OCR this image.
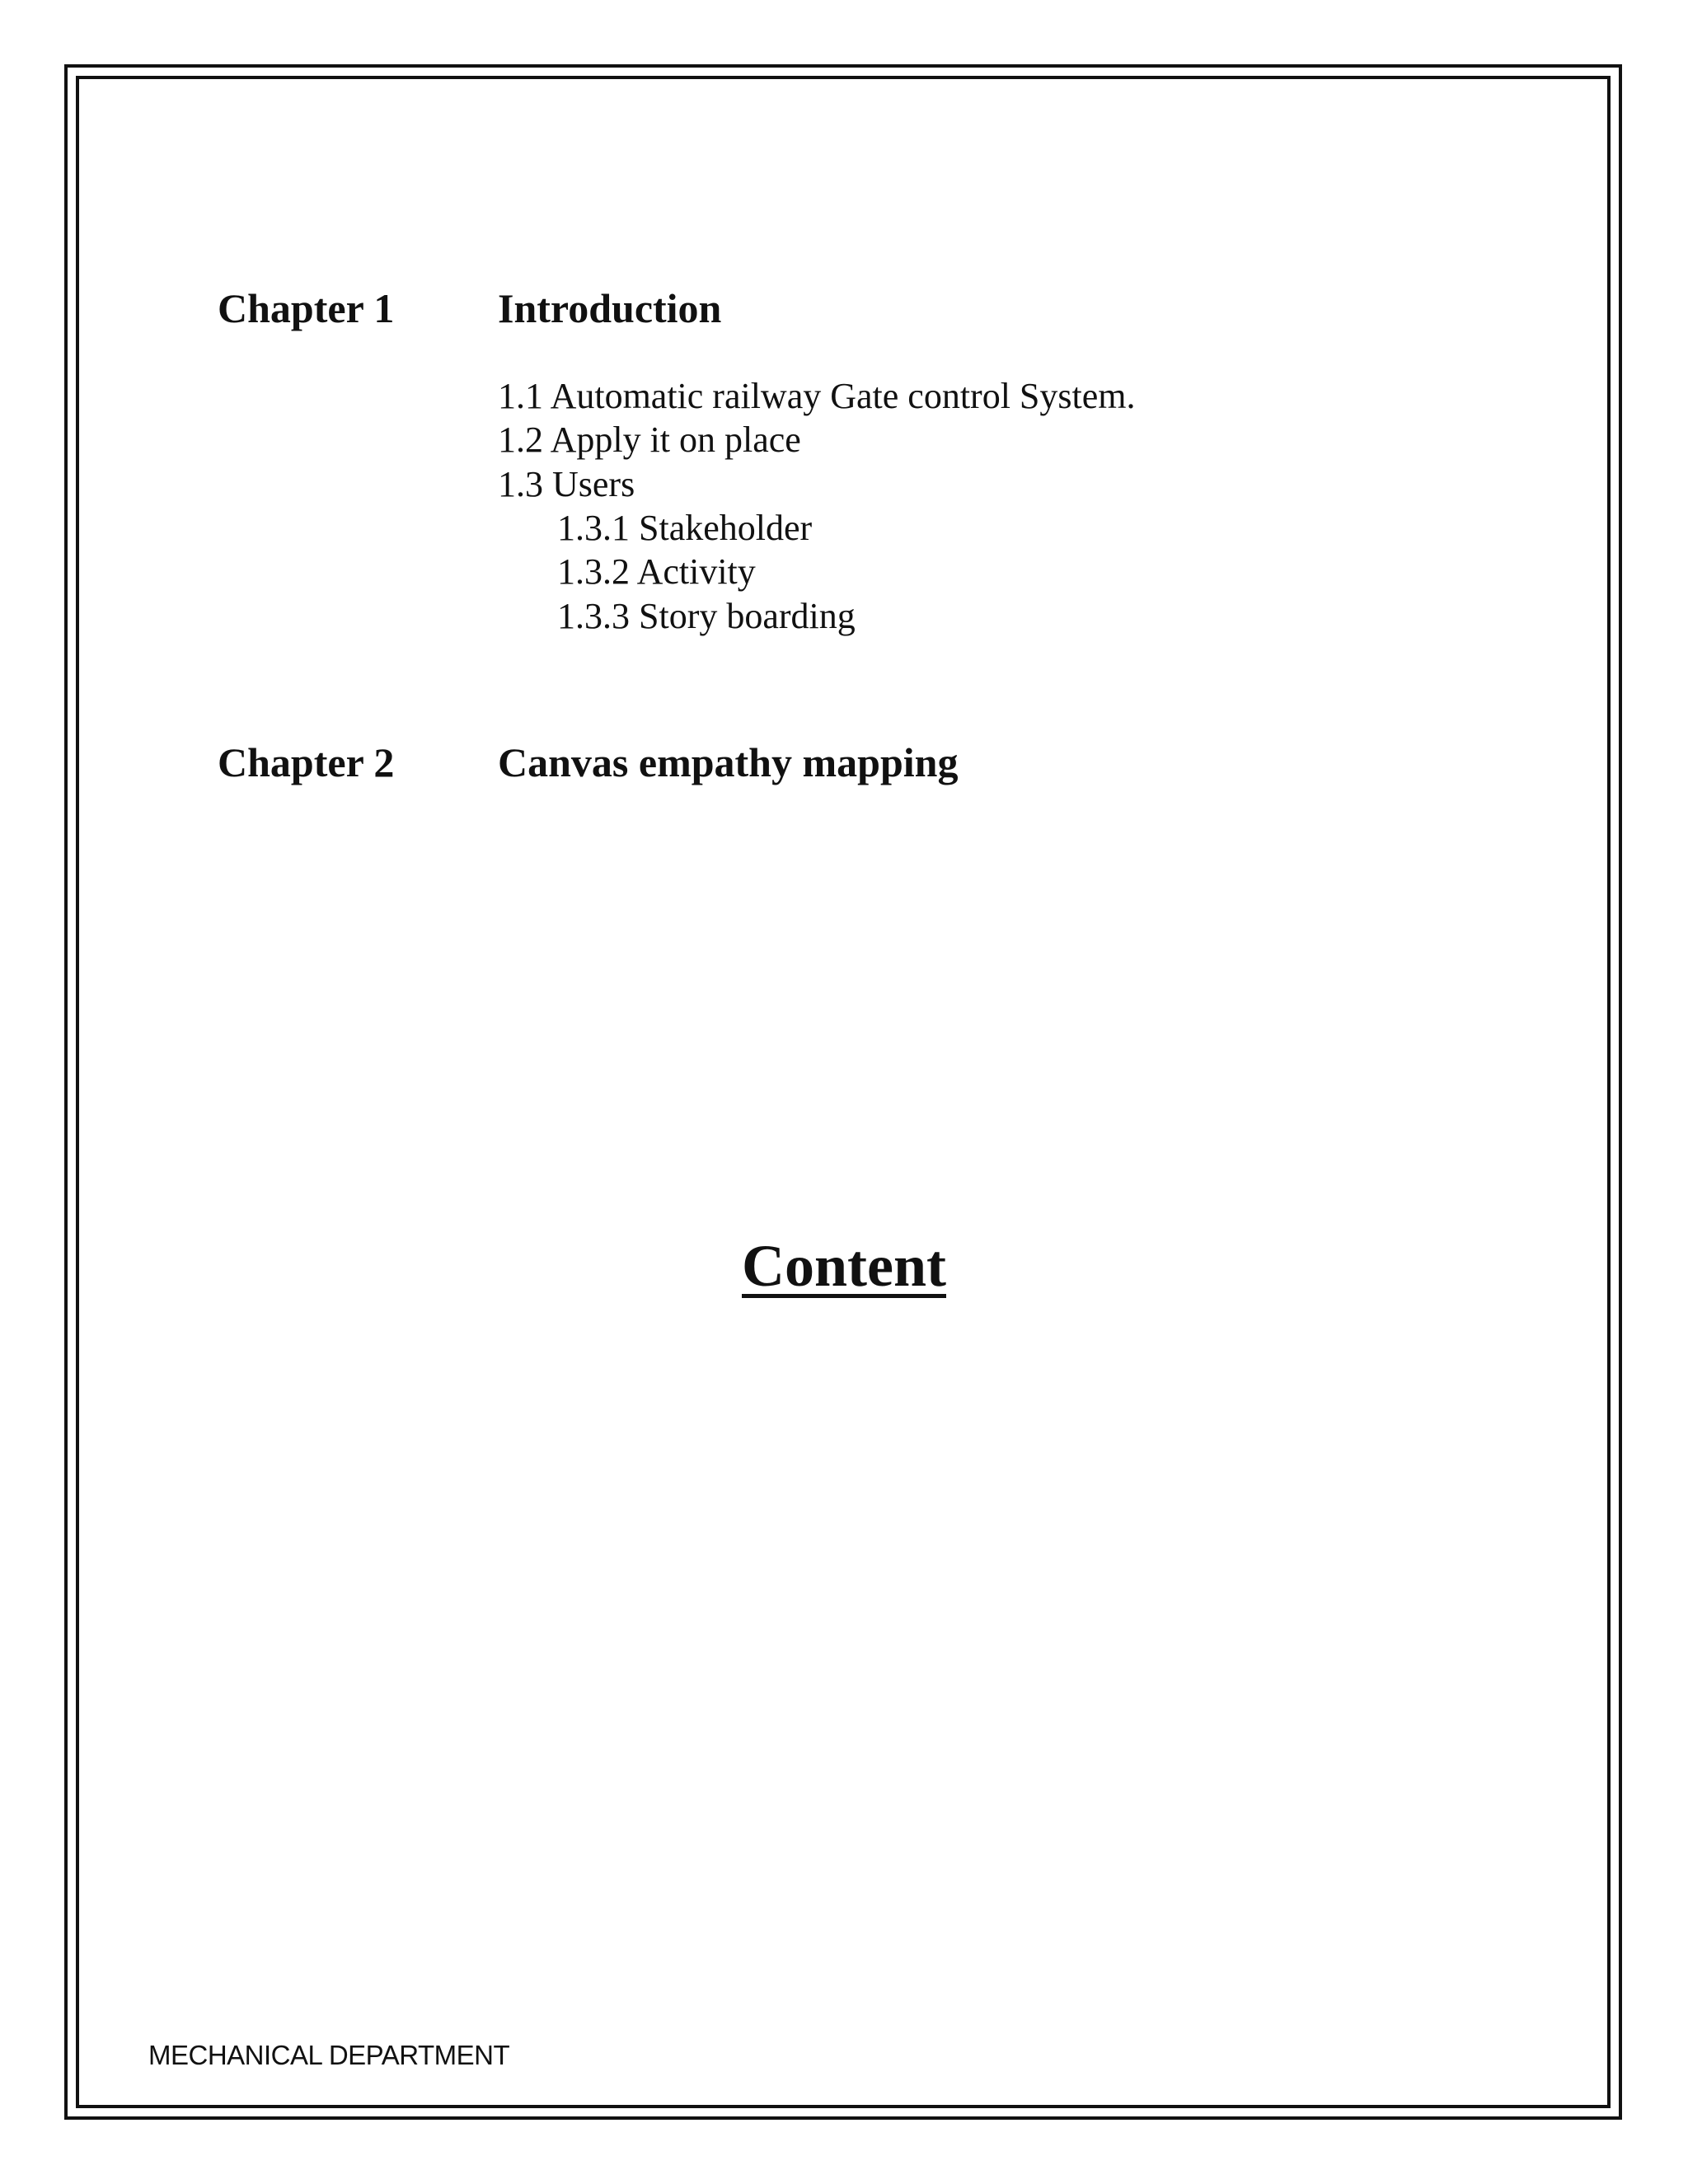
Chapter 1	Introduction
1.1 Automatic railway Gate control System.
1.2 Apply it on place
1.3 Users
1.3.1 Stakeholder
1.3.2 Activity
1.3.3 Story boarding
Chapter 2	Canvas empathy mapping
Content
MECHANICAL DEPARTMENT
